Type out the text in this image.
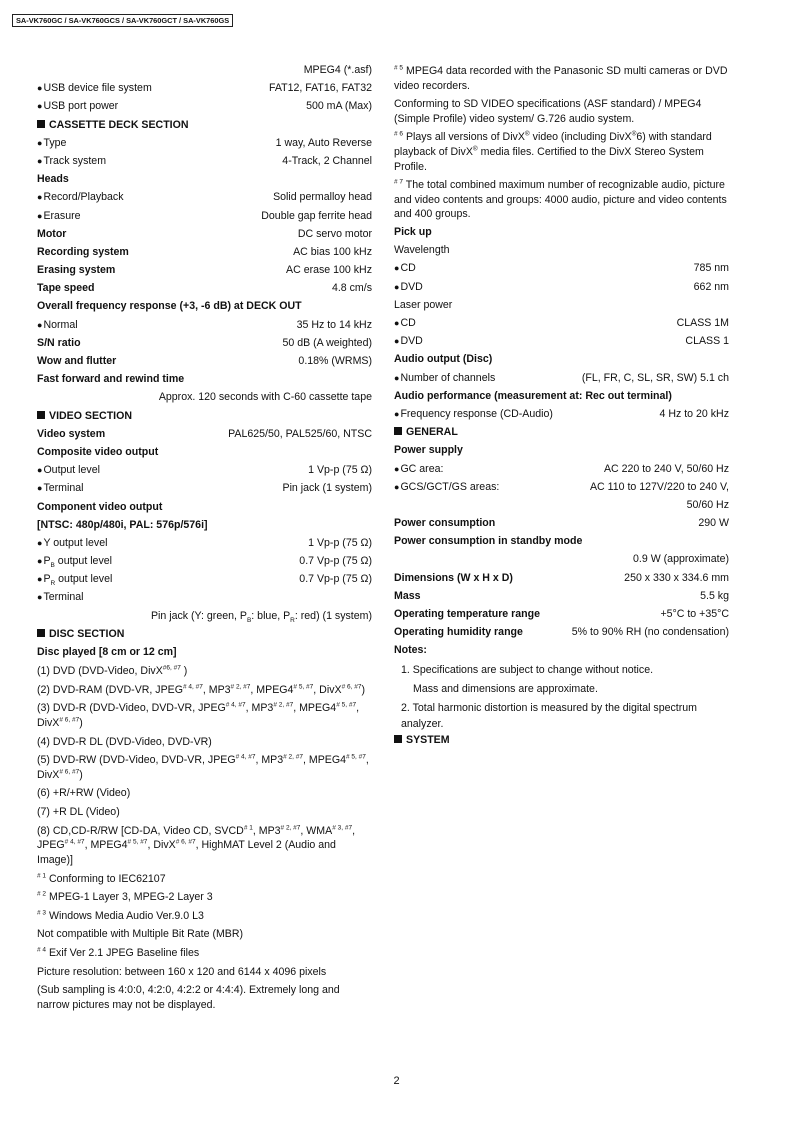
SA-VK760GC / SA-VK760GCS / SA-VK760GCT / SA-VK760GS
MPEG4 (*.asf)
● USB device file system	FAT12, FAT16, FAT32
● USB port power	500 mA (Max)
CASSETTE DECK SECTION
● Type	1 way, Auto Reverse
● Track system	4-Track, 2 Channel
Heads
● Record/Playback	Solid permalloy head
● Erasure	Double gap ferrite head
Motor	DC servo motor
Recording system	AC bias 100 kHz
Erasing system	AC erase 100 kHz
Tape speed	4.8 cm/s
Overall frequency response (+3, -6 dB) at DECK OUT
● Normal	35 Hz to 14 kHz
S/N ratio	50 dB (A weighted)
Wow and flutter	0.18% (WRMS)
Fast forward and rewind time
Approx. 120 seconds with C-60 cassette tape
VIDEO SECTION
Video system	PAL625/50, PAL525/60, NTSC
Composite video output
● Output level	1 Vp-p (75 Ω)
● Terminal	Pin jack (1 system)
Component video output
[NTSC: 480p/480i, PAL: 576p/576i]
● Y output level	1 Vp-p (75 Ω)
● $P_B$ output level	0.7 Vp-p (75 Ω)
● $P_R$ output level	0.7 Vp-p (75 Ω)
● Terminal
Pin jack (Y: green, $P_B$: blue, $P_R$: red) (1 system)
DISC SECTION
Disc played [8 cm or 12 cm]
(1) DVD (DVD-Video, DivX$^{\#6, \#7}$ )
(2) DVD-RAM (DVD-VR, $JPEG^{\# 4, \#7}$, $MP3^{\# 2, \#7}$, $MPEG4^{\# 5, \#7}$, DivX$^{\# 6, \#7}$)
(3) DVD-R (DVD-Video, DVD-VR, $JPEG^{\# 4, \#7}$, $MP3^{\# 2, \#7}$, $MPEG4^{\# 5, \#7}$, DivX$^{\# 6, \#7}$)
(4) DVD-R DL (DVD-Video, DVD-VR)
(5) DVD-RW (DVD-Video, DVD-VR, $JPEG^{\# 4, \#7}$, $MP3^{\# 2, \#7}$, $MPEG4^{\# 5, \#7}$, DivX$^{\# 6, \#7}$)
(6) +R/+RW (Video)
(7) +R DL (Video)
(8) CD,CD-R/RW [CD-DA, Video CD, SVCD$^{\# 1}$, $MP3^{\# 2, \#7}$, $WMA^{\# 3, \#7}$, $JPEG^{\# 4, \#7}$, $MPEG4^{\# 5, \#7}$, DivX$^{\# 6, \#7}$, HighMAT Level 2 (Audio and Image)]
$^{\# 1}$ Conforming to IEC62107
$^{\# 2}$ MPEG-1 Layer 3, MPEG-2 Layer 3
$^{\# 3}$ Windows Media Audio Ver.9.0 L3
Not compatible with Multiple Bit Rate (MBR)
$^{\# 4}$ Exif Ver 2.1 JPEG Baseline files
Picture resolution: between 160 x 120 and 6144 x 4096 pixels
(Sub sampling is 4:0:0, 4:2:0, 4:2:2 or 4:4:4). Extremely long and narrow pictures may not be displayed.
$^{\# 5}$ MPEG4 data recorded with the Panasonic SD multi cameras or DVD video recorders.
Conforming to SD VIDEO specifications (ASF standard) / MPEG4 (Simple Profile) video system/ G.726 audio system.
$^{\# 6}$ Plays all versions of DivX® video (including DivX®6) with standard playback of DivX® media files. Certified to the DivX Stereo System Profile.
$^{\# 7}$ The total combined maximum number of recognizable audio, picture and video contents and groups: 4000 audio, picture and video contents and 400 groups.
Pick up
Wavelength
● CD	785 nm
● DVD	662 nm
Laser power
● CD	CLASS 1M
● DVD	CLASS 1
Audio output (Disc)
● Number of channels	(FL, FR, C, SL, SR, SW) 5.1 ch
Audio performance (measurement at: Rec out terminal)
● Frequency response (CD-Audio)	4 Hz to 20 kHz
GENERAL
Power supply
● GC area:	AC 220 to 240 V, 50/60 Hz
● GCS/GCT/GS areas:	AC 110 to 127V/220 to 240 V,
50/60 Hz
Power consumption	290 W
Power consumption in standby mode
0.9 W (approximate)
Dimensions (W x H x D)	250 x 330 x 334.6 mm
Mass	5.5 kg
Operating temperature range	+5°C to +35°C
Operating humidity range	5% to 90% RH (no condensation)
Notes:
1. Specifications are subject to change without notice.
Mass and dimensions are approximate.
2. Total harmonic distortion is measured by the digital spectrum analyzer.
SYSTEM
2
